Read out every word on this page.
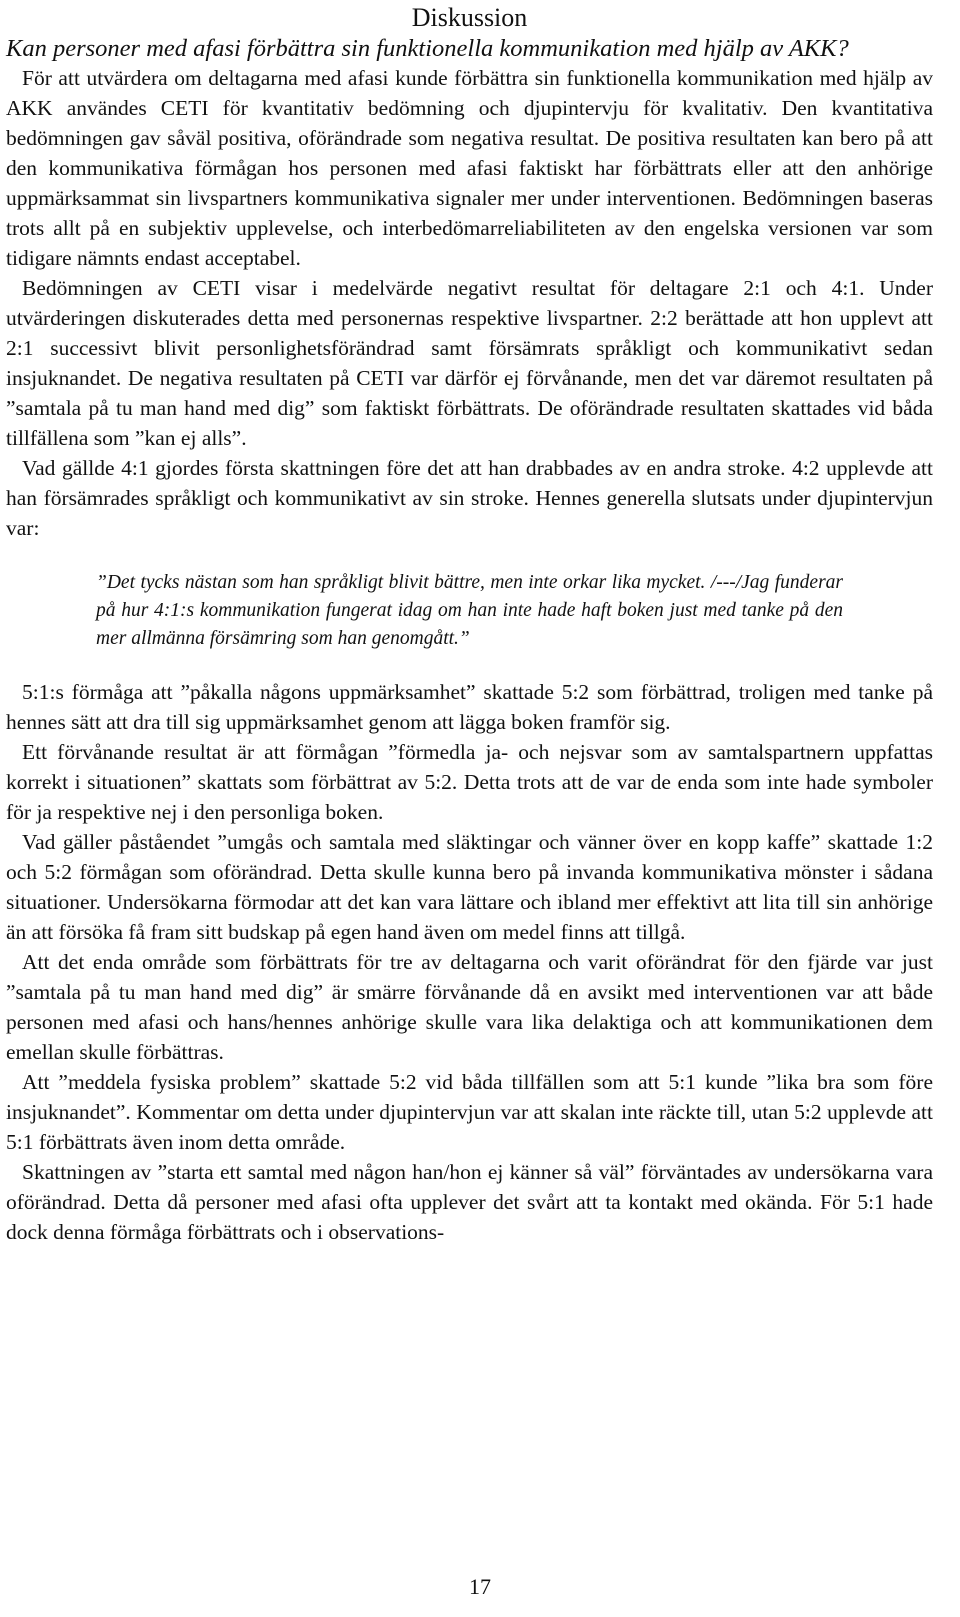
Diskussion
Kan personer med afasi förbättra sin funktionella kommunikation med hjälp av AKK?

För att utvärdera om deltagarna med afasi kunde förbättra sin funktionella kommunikation med hjälp av AKK användes CETI för kvantitativ bedömning och djupintervju för kvalitativ. Den kvantitativa bedömningen gav såväl positiva, oförändrade som negativa resultat. De positiva resultaten kan bero på att den kommunikativa förmågan hos personen med afasi faktiskt har förbättrats eller att den anhörige uppmärksammat sin livspartners kommunikativa signaler mer under interventionen. Bedömningen baseras trots allt på en subjektiv upplevelse, och interbedömarreliabiliteten av den engelska versionen var som tidigare nämnts endast acceptabel.

Bedömningen av CETI visar i medelvärde negativt resultat för deltagare 2:1 och 4:1. Under utvärderingen diskuterades detta med personernas respektive livspartner. 2:2 berättade att hon upplevt att 2:1 successivt blivit personlighetsförändrad samt försämrats språkligt och kommunikativt sedan insjuknandet. De negativa resultaten på CETI var därför ej förvånande, men det var däremot resultaten på ”samtala på tu man hand med dig” som faktiskt förbättrats. De oförändrade resultaten skattades vid båda tillfällena som ”kan ej alls”.

Vad gällde 4:1 gjordes första skattningen före det att han drabbades av en andra stroke. 4:2 upplevde att han försämrades språkligt och kommunikativt av sin stroke. Hennes generella slutsats under djupintervjun var:

”Det tycks nästan som han språkligt blivit bättre, men inte orkar lika mycket. /---/Jag funderar på hur 4:1:s kommunikation fungerat idag om han inte hade haft boken just med tanke på den mer allmänna försämring som han genomgått.”

5:1:s förmåga att ”påkalla någons uppmärksamhet” skattade 5:2 som förbättrad, troligen med tanke på hennes sätt att dra till sig uppmärksamhet genom att lägga boken framför sig.

Ett förvånande resultat är att förmågan ”förmedla ja- och nejsvar som av samtalspartnern uppfattas korrekt i situationen” skattats som förbättrat av 5:2. Detta trots att de var de enda som inte hade symboler för ja respektive nej i den personliga boken.

Vad gäller påståendet ”umgås och samtala med släktingar och vänner över en kopp kaffe” skattade 1:2 och 5:2 förmågan som oförändrad. Detta skulle kunna bero på invanda kommunikativa mönster i sådana situationer. Undersökarna förmodar att det kan vara lättare och ibland mer effektivt att lita till sin anhörige än att försöka få fram sitt budskap på egen hand även om medel finns att tillgå.

Att det enda område som förbättrats för tre av deltagarna och varit oförändrat för den fjärde var just ”samtala på tu man hand med dig” är smärre förvånande då en avsikt med interventionen var att både personen med afasi och hans/hennes anhörige skulle vara lika delaktiga och att kommunikationen dem emellan skulle förbättras.

Att ”meddela fysiska problem” skattade 5:2 vid båda tillfällen som att 5:1 kunde ”lika bra som före insjuknandet”. Kommentar om detta under djupintervjun var att skalan inte räckte till, utan 5:2 upplevde att 5:1 förbättrats även inom detta område.

Skattningen av ”starta ett samtal med någon han/hon ej känner så väl” förväntades av undersökarna vara oförändrad. Detta då personer med afasi ofta upplever det svårt att ta kontakt med okända. För 5:1 hade dock denna förmåga förbättrats och i observations-

17
